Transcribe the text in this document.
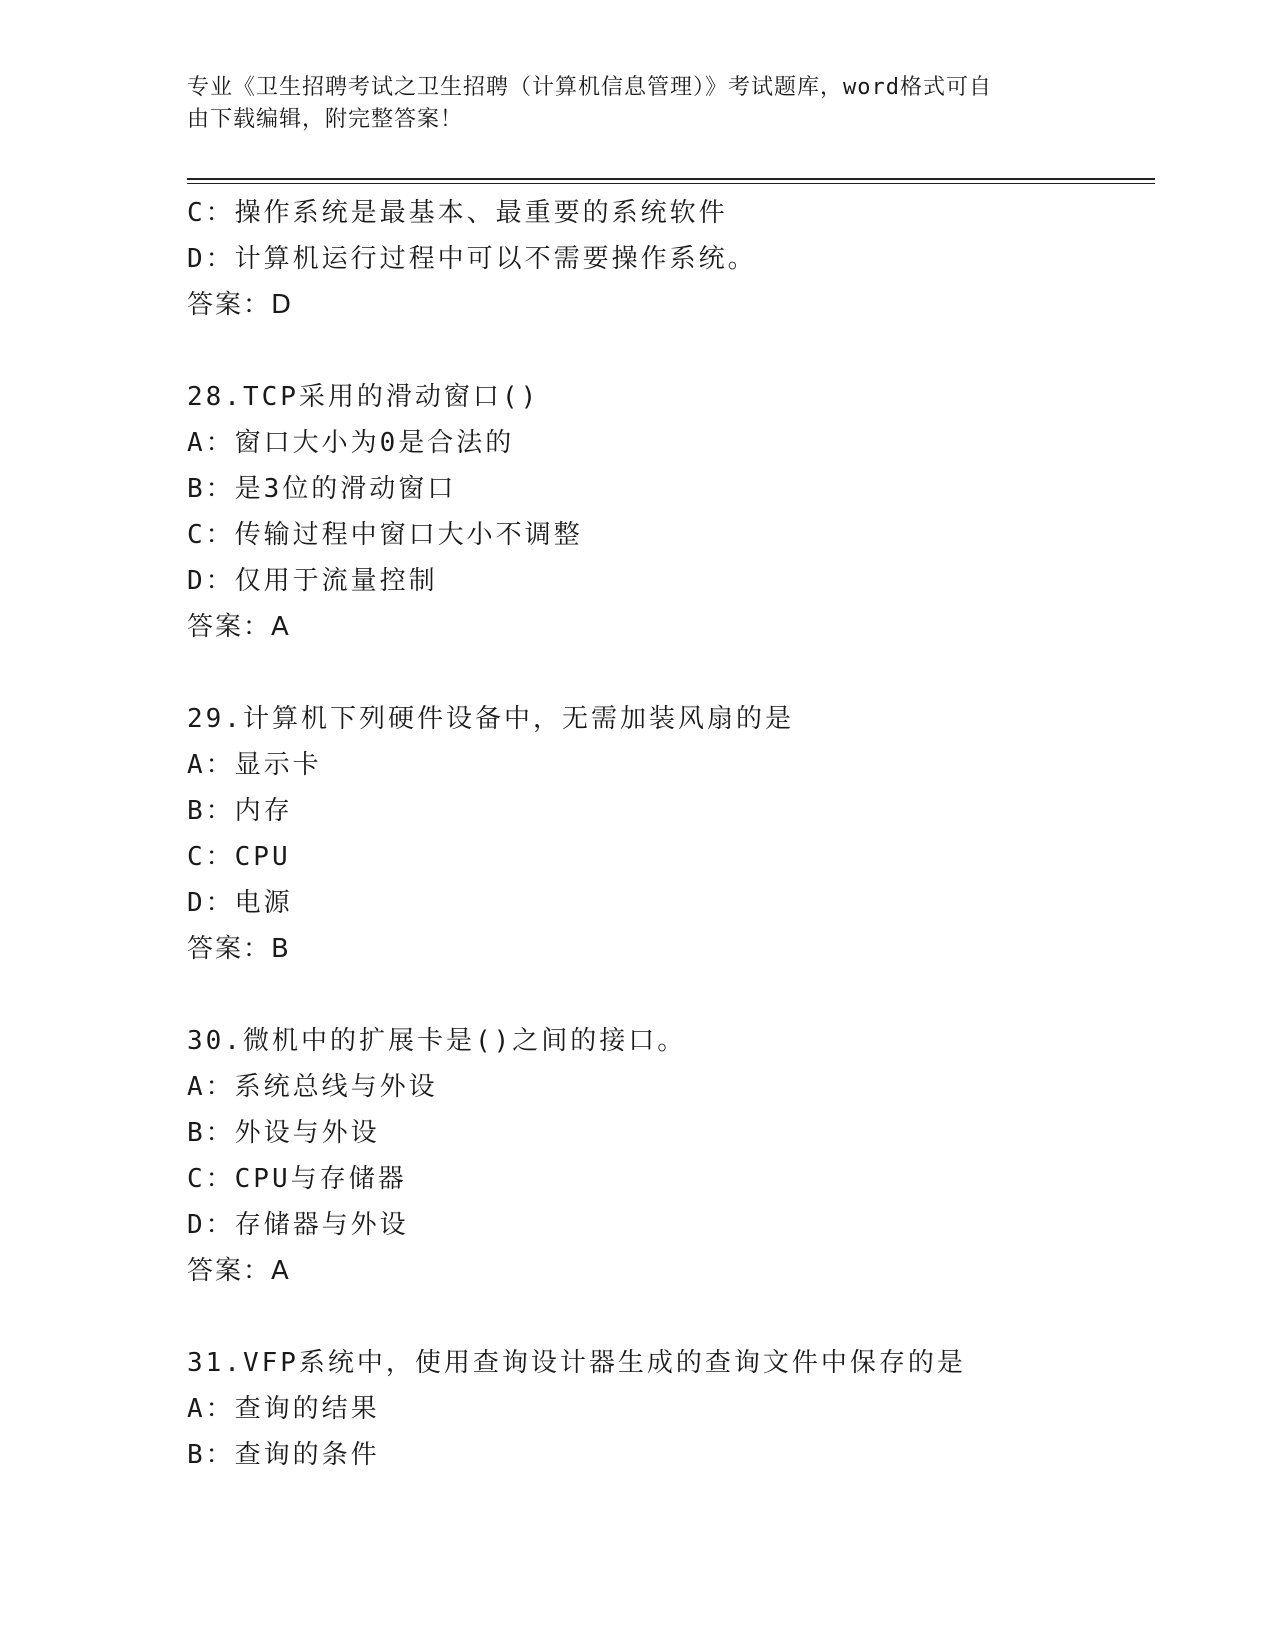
专业《卫生招聘考试之卫生招聘（计算机信息管理）》考试题库，word格式可自
由下载编辑，附完整答案！
C：操作系统是最基本、最重要的系统软件
D：计算机运行过程中可以不需要操作系统。
答案：D
28.TCP采用的滑动窗口()
A：窗口大小为0是合法的
B：是3位的滑动窗口
C：传输过程中窗口大小不调整
D：仅用于流量控制
答案：A
29.计算机下列硬件设备中，无需加装风扇的是
A：显示卡
B：内存
C：CPU
D：电源
答案：B
30.微机中的扩展卡是()之间的接口。
A：系统总线与外设
B：外设与外设
C：CPU与存储器
D：存储器与外设
答案：A
31.VFP系统中，使用查询设计器生成的查询文件中保存的是
A：查询的结果
B：查询的条件
